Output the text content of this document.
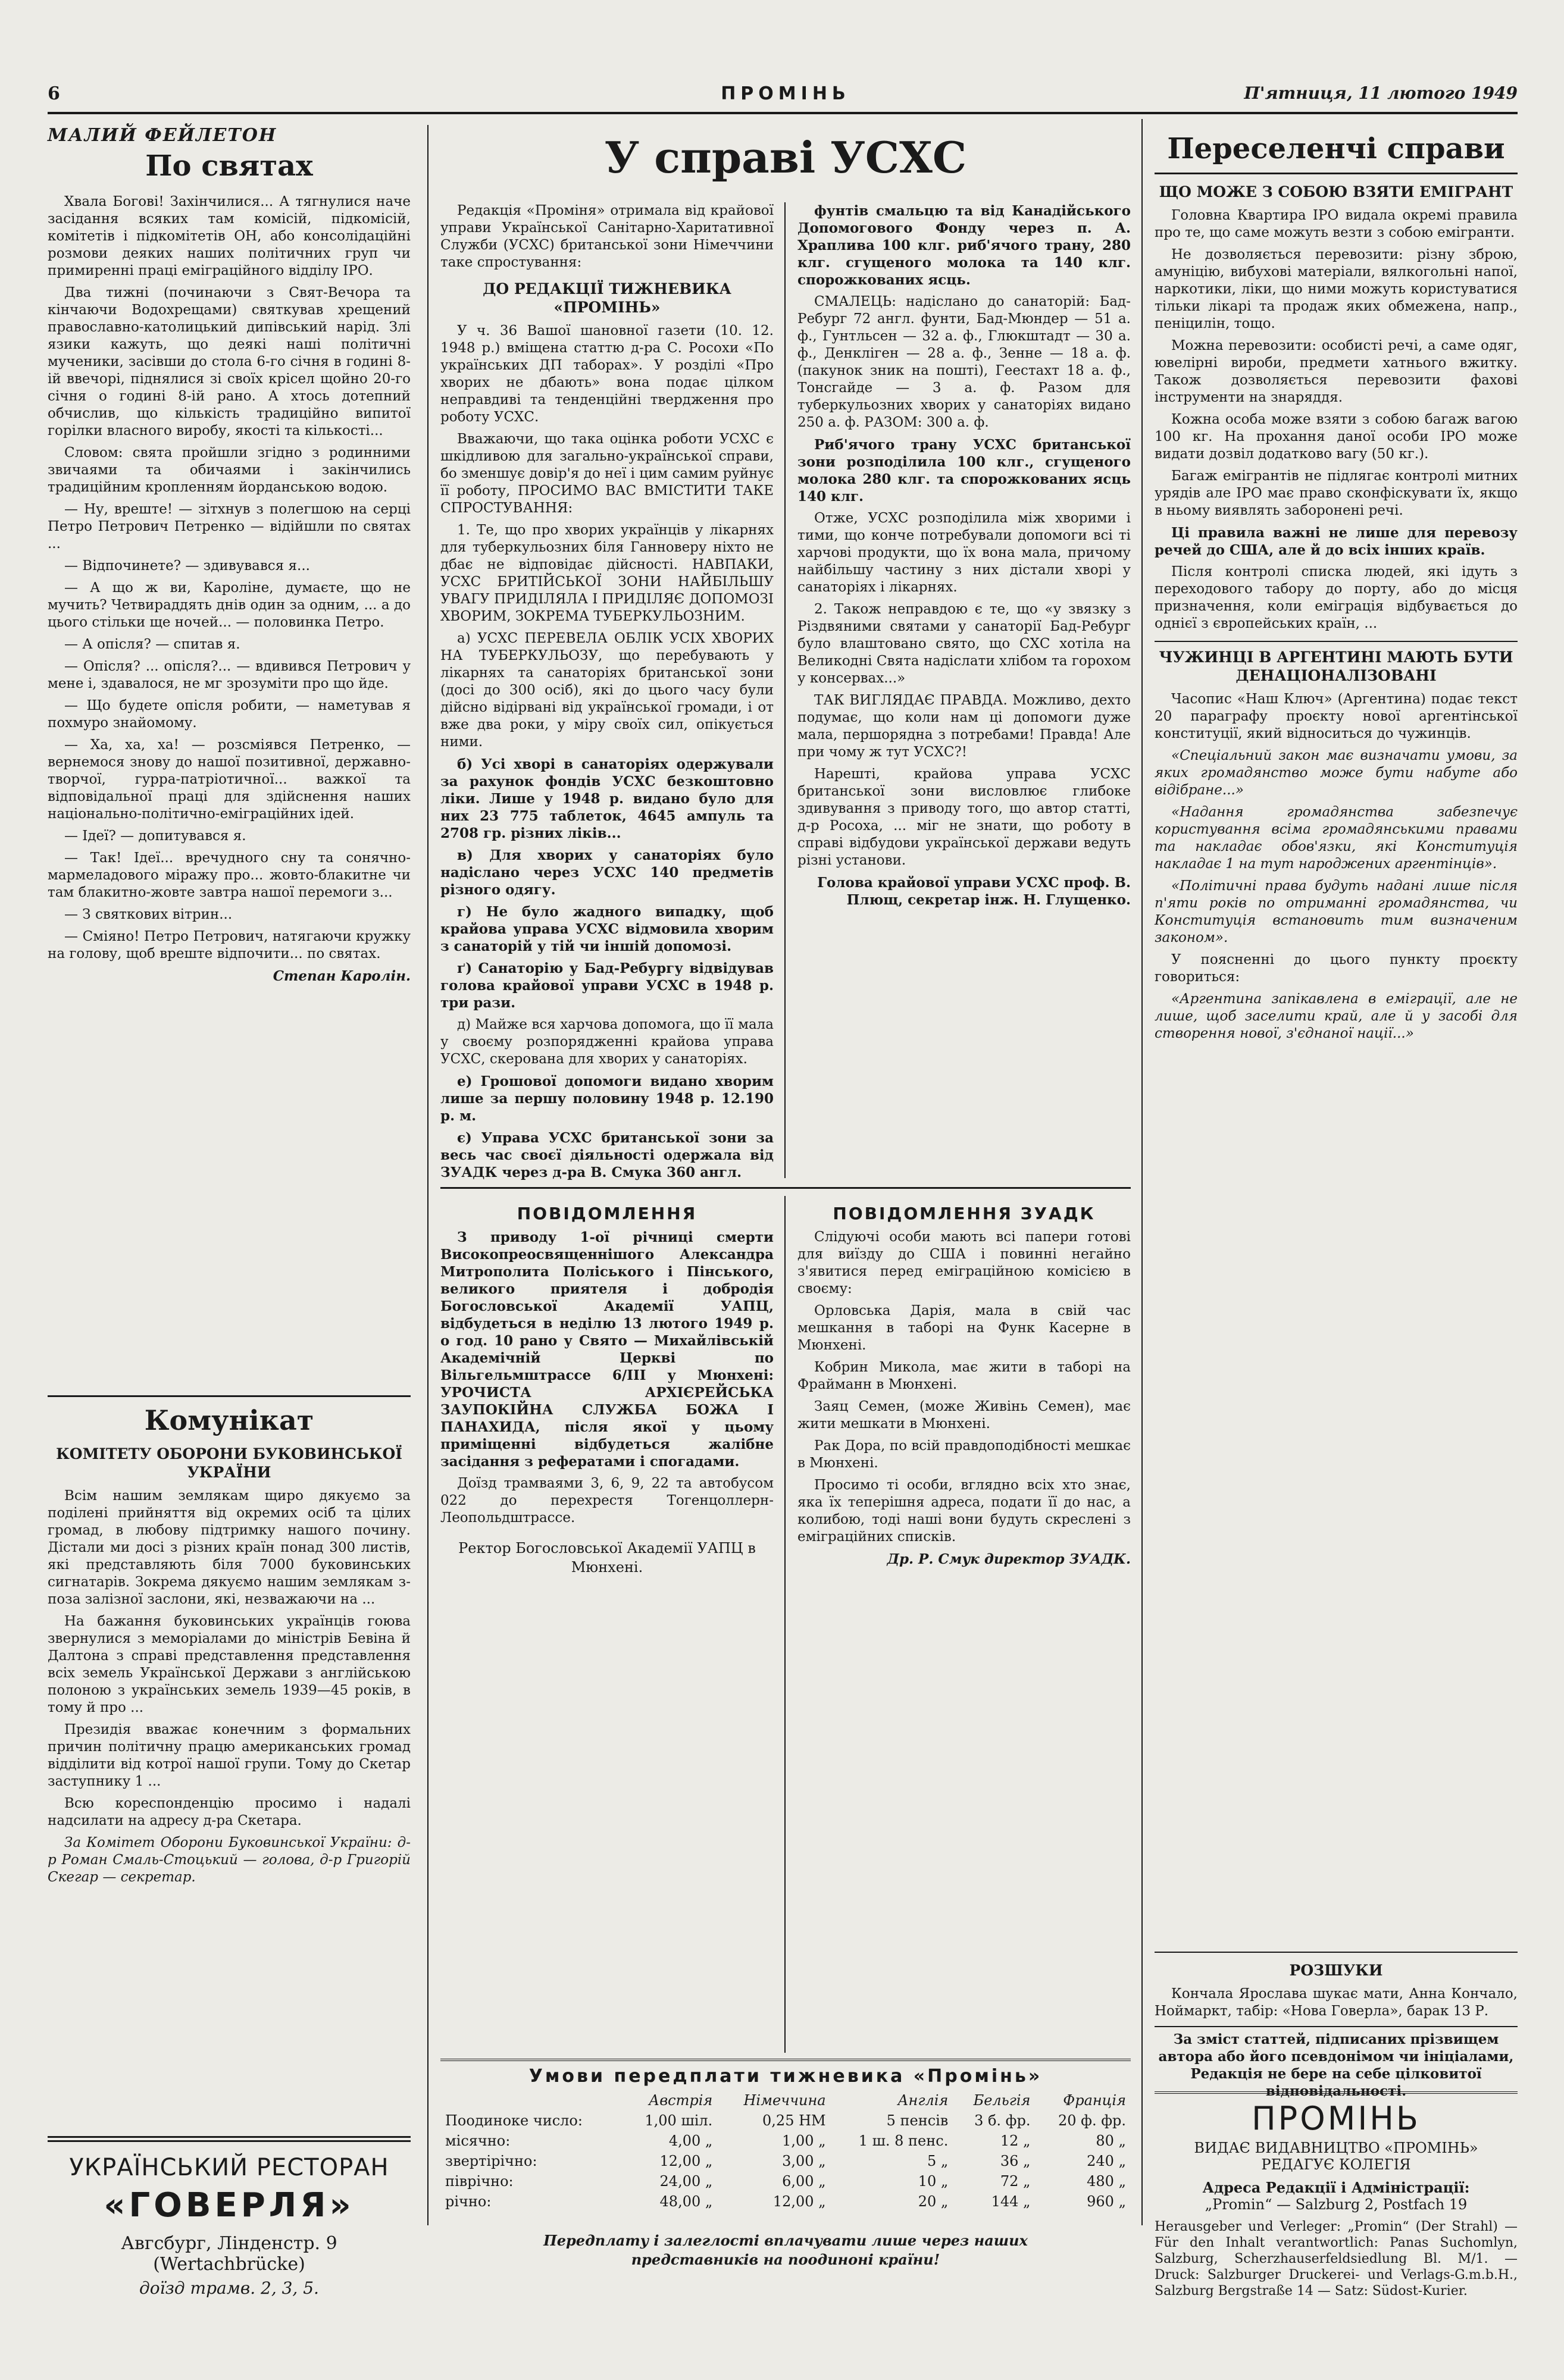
6	ПРОМІНЬ	П'ятниця, 11 лютого 1949
МАЛИЙ ФЕЙЛЕТОН
По святах

Хвала Богові! Захінчилися... А тягнулися наче засідання всяких там комісій, підкомісій, комітетів і підкомітетів ОН, або консолідаційні розмови деяких наших політичних груп чи примиренні праці еміграційного відділу ІРО.

Два тижні (починаючи з Свят-Вечора та кінчаючи Водохрещами) святкував хрещений православно-католицький дипівський нарід. Злі язики кажуть, що деякі наші політичні мученики, засівши до стола 6-го січня в годині 8-ій ввечорі, піднялися зі своїх крісел щойно 20-го січня о годині 8-ій рано. А хтось дотепний обчислив, що кількість традиційно випитої горілки власного виробу, якості та кількості...

Словом: свята пройшли згідно з родинними звичаями та обичаями і закінчились традиційним кропленням йорданською водою.

— Ну, вреште! — зітхнув з полегшою на серці Петро Петрович Петренко — відійшли по святах ...

— Відпочинете? — здивувався я...

— А що ж ви, Кароліне, думаєте, що не мучить? Четвираддять днів один за одним, ... а до цього стільки ще ночей... — половинка Петро.

— А опісля? — спитав я.

— Опісля? ... опісля?... — вдивився Петрович у мене і, здавалося, не мг зрозуміти про що йде.

— Що будете опісля робити, — наметував я похмуро знайомому.

— Ха, ха, ха! — розсміявся Петренко, — вернемося знову до нашої позитивної, державно-творчої, гурра-патріотичної... важкої та відповідальної праці для здійснення наших національно-політично-еміграційних ідей.

— Ідеї? — допитувався я.

— Так! Ідеї... вречудного сну та сонячно-мармеладового міражу про... жовто-блакитне чи там блакитно-жовте завтра нашої перемоги з...

— З святкових вітрин...

— Сміяно! Петро Петрович, натягаючи кружку на голову, щоб вреште відпочити... по святах.

Степан Каролін.
Комунікат
КОМІТЕТУ ОБОРОНИ БУКОВИНСЬКОЇ УКРАЇНИ

Всім нашим землякам щиро дякуємо за поділені прийняття від окремих осіб та цілих громад, в любову підтримку нашого почину. Дістали ми досі з різних країн понад 300 листів, які представляють біля 7000 буковинських сигнатарів. Зокрема дякуємо нашим землякам з-поза залізної заслони, які, незважаючи на ...

На бажання буковинських українців гоюва звернулися з меморіалами до міністрів Бевіна й Далтона з справі представлення представлення всіх земель Української Держави з англійською полоною з українських земель 1939—45 років, в тому й про ...

Президія вважає конечним з формальних причин політичну працю американських громад відділити від котрої нашої групи. Тому до Скетар заступнику 1 ...

Всю кореспонденцію просимо і надалі надсилати на адресу д-ра Скетара.

За Комітет Оборони Буковинської України: д-р Роман Смаль-Стоцький — голова, д-р Григорій Скегар — секретар.

УКРАЇНСЬКИЙ РЕСТОРАН
«ГОВЕРЛЯ»
Авгсбург, Лінденстр. 9 (Wertachbrücke)
доїзд трамв. 2, 3, 5.
У справі УСХС

Редакція «Проміня» отримала від крайової управи Української Санітарно-Харитативної Служби (УСХС) британської зони Німеччини таке спростування:

ДО РЕДАКЦІЇ ТИЖНЕВИКА «ПРОМІНЬ»

У ч. 36 Вашої шановної газети (10. 12. 1948 р.) вміщена статтю д-ра С. Росохи «По українських ДП таборах». У розділі «Про хворих не дбають» вона подає цілком неправдиві та тенденційні твердження про роботу УСХС.

Вважаючи, що така оцінка роботи УСХС є шкідливою для загально-української справи, бо зменшує довір'я до неї і цим самим руйнує її роботу, ПРОСИМО ВАС ВМІСТИТИ ТАКЕ СПРОСТУВАННЯ:

1. Те, що про хворих українців у лікарнях для туберкульозних біля Ганноверу ніхто не дбає не відповідає дійсності. НАВПАКИ, УСХС БРИТІЙСЬКОЇ ЗОНИ НАЙБІЛЬШУ УВАГУ ПРИДІЛЯЛА І ПРИДІЛЯЄ ДОПОМОЗІ ХВОРИМ, ЗОКРЕМА ТУБЕРКУЛЬОЗНИМ.

а) УСХС ПЕРЕВЕЛА ОБЛІК УСІХ ХВОРИХ НА ТУБЕРКУЛЬОЗУ, що перебувають у лікарнях та санаторіях британської зони (досі до 300 осіб), які до цього часу були дійсно відірвані від української громади, і от вже два роки, у міру своїх сил, опікується ними.

б) Усі хворі в санаторіях одержували за рахунок фондів УСХС безкоштовно ліки. Лише у 1948 р. видано було для них 23 775 таблеток, 4645 ампуль та 2708 гр. різних ліків...

в) Для хворих у санаторіях було надіслано через УСХС 140 предметів різного одягу.

г) Не було жадного випадку, щоб крайова управа УСХС відмовила хворим з санаторій у тій чи іншій допомозі.

ґ) Санаторію у Бад-Ребургу відвідував голова крайової управи УСХС в 1948 р. три рази.

д) Майже вся харчова допомога, що її мала у своєму розпорядженні крайова управа УСХС, скерована для хворих у санаторіях.

е) Грошової допомоги видано хворим лише за першу половину 1948 р. 12.190 р. м.

є) Управа УСХС британської зони за весь час своєї діяльності одержала від ЗУАДК через д-ра В. Смука 360 англ.

фунтів смальцю та від Канадійського Допомогового Фонду через п. А. Храплива 100 клг. риб'ячого трану, 280 клг. сгущеного молока та 140 клг. спорожкованих ясць.

СМАЛЕЦЬ: надіслано до санаторій: Бад-Ребург 72 англ. фунти, Бад-Мюндер — 51 а. ф., Гунтльсен — 32 а. ф., Глюкштадт — 30 а. ф., Денкліген — 28 а. ф., Зенне — 18 а. ф. (пакунок зник на пошті), Геестахт 18 а. ф., Тонсгайде — 3 а. ф. Разом для туберкульозних хворих у санаторіях видано 250 а. ф. РАЗОМ: 300 а. ф.

Риб'ячого трану УСХС британської зони розподілила 100 клг., сгущеного молока 280 клг. та спорожкованих ясць 140 клг.

Отже, УСХС розподілила між хворими і тими, що конче потребували допомоги всі ті харчові продукти, що їх вона мала, причому найбільшу частину з них дістали хворі у санаторіях і лікарнях.

2. Також неправдою є те, що «у звязку з Різдвяними святами у санаторії Бад-Ребург було влаштовано свято, що СХС хотіла на Великодні Свята надіслати хлібом та горохом у консервах...»

ТАК ВИГЛЯДАЄ ПРАВДА. Можливо, дехто подумає, що коли нам ці допомоги дуже мала, першорядна з потребами! Правда! Але при чому ж тут УСХС?!

Нарешті, крайова управа УСХС британської зони висловлює глибоке здивування з приводу того, що автор статті, д-р Росоха, ... міг не знати, що роботу в справі відбудови української держави ведуть різні установи.

Голова крайової управи УСХС проф. В. Плющ, секретар інж. Н. Глущенко.

ПОВІДОМЛЕННЯ

З приводу 1-ої річниці смерти Високопреосвященнішого Александра Митрополита Поліського і Пінського, великого приятеля і добродія Богословської Академії УАПЦ, відбудеться в неділю 13 лютого 1949 р. о год. 10 рано у Свято — Михайлівській Академічній Церкві по Вільгельмштрассе 6/III у Мюнхені: УРОЧИСТА АРХІЄРЕЙСЬКА ЗАУПОКІЙНА СЛУЖБА БОЖА І ПАНАХИДА, після якої у цьому приміщенні відбудеться жалібне засідання з рефератами і спогадами.

Доїзд трамваями 3, 6, 9, 22 та автобусом 022 до перехрестя Тогенцоллерн-Леопольдштрассе.

Ректор Богословської Академії УАПЦ в Мюнхені.
ПОВІДОМЛЕННЯ ЗУАДК

Слідуючі особи мають всі папери готові для виїзду до США і повинні негайно з'явитися перед еміграційною комісією в своєму:

Орловська Дарія, мала в свій час мешкання в таборі на Функ Касерне в Мюнхені.

Кобрин Микола, має жити в таборі на Фрайманн в Мюнхені.

Заяц Семен, (може Живінь Семен), має жити мешкати в Мюнхені.

Рак Дора, по всій правдоподібності мешкає в Мюнхені.

Просимо ті особи, вглядно всіх хто знає, яка їх теперішня адреса, подати її до нас, а колибою, тоді наші вони будуть скреслені з еміграційних списків.

Др. Р. Смук директор ЗУАДК.
Умови передплати тижневика «Промінь»
	Австрія	Німеччина	Англія	Бельгія	Франція
Поодиноке число:	1,00 шіл.	0,25 НМ	5 пенсів	3 б. фр.	20 ф. фр.
місячно:	4,00 „	1,00 „	1 ш. 8 пенс.	12 „	80 „
звертірічно:	12,00 „	3,00 „	5 „	36 „	240 „
піврічно:	24,00 „	6,00 „	10 „	72 „	480 „
річно:	48,00 „	12,00 „	20 „	144 „	960 „
Передплату і залеглості вплачувати лише через наших представників на поодиноні країни!
Переселенчі справи
ЩО МОЖЕ З СОБОЮ ВЗЯТИ ЕМІГРАНТ

Головна Квартира ІРО видала окремі правила про те, що саме можуть везти з собою емігранти.

Не дозволяється перевозити: різну зброю, амуніцію, вибухові матеріали, вялкогольні напої, наркотики, ліки, що ними можуть користуватися тільки лікарі та продаж яких обмежена, напр., пеніцилін, тощо.

Можна перевозити: особисті речі, а саме одяг, ювелірні вироби, предмети хатнього вжитку. Також дозволяється перевозити фахові інструменти на знаряддя.

Кожна особа може взяти з собою багаж вагою 100 кг. На прохання даної особи ІРО може видати дозвіл додатково вагу (50 кг.).

Багаж емігрантів не підлягає контролі митних урядів але ІРО має право сконфіскувати їх, якщо в ньому виявлять заборонені речі.

Ці правила важні не лише для перевозу речей до США, але й до всіх інших країв.

Після контролі списка людей, які ідуть з переходового табору до порту, або до місця призначення, коли еміграція відбувається до однієї з європейських країн, ...

ЧУЖИНЦІ В АРГЕНТИНІ МАЮТЬ БУТИ ДЕНАЦІОНАЛІЗОВАНІ

Часопис «Наш Ключ» (Аргентина) подає текст 20 параграфу проєкту нової аргентінської конституції, який відноситься до чужинців.

«Спеціальний закон має визначати умови, за яких громадянство може бути набуте або відібране...»

«Надання громадянства забезпечує користування всіма громадянськими правами та накладає обов'язки, які Конституція накладає 1 на тут народжених аргентінців».

«Політичні права будуть надані лише після п'яти років по отриманні громадянства, чи Конституція встановить тим визначеним законом».

У поясненні до цього пункту проєкту говориться:

«Аргентина запікавлена в еміграції, але не лише, щоб заселити край, але й у засобі для створення нової, з'єднаної нації...»

РОЗШУКИ

Кончала Ярослава шукає мати, Анна Кончало, Ноймаркт, табір: «Нова Говерла», барак 13 Р.

За зміст статтей, підписаних прізвищем автора або його псевдонімом чи ініціалами, Редакція не бере на себе цілковитої відповідальності.

ПРОМІНЬ
ВИДАЄ ВИДАВНИЦТВО «ПРОМІНЬ»
РЕДАГУЄ КОЛЕГІЯ
Адреса Редакції і Адміністрації:
„Promin“ — Salzburg 2, Postfach 19

Herausgeber und Verleger: „Promin“ (Der Strahl) — Für den Inhalt verantwortlich: Panas Suchomlyn, Salzburg, Scherzhauserfeldsiedlung Bl. M/1. — Druck: Salzburger Druckerei- und Verlags-G.m.b.H., Salzburg Bergstraße 14 — Satz: Südost-Kurier.
